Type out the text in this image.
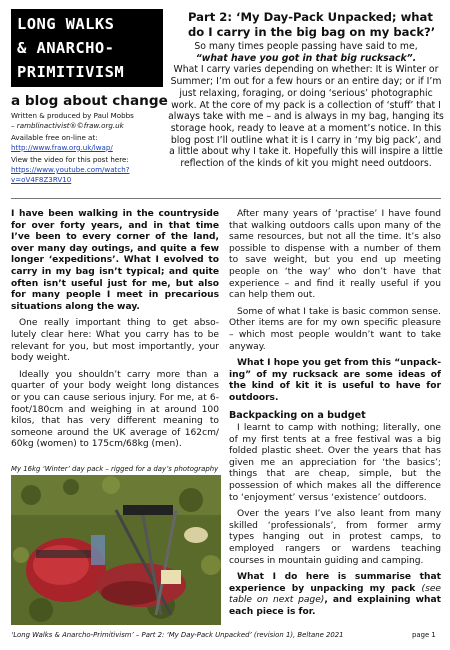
LONG WALKS
& ANARCHO-
PRIMITIVISM
a blog about change

Written & produced by Paul Mobbs

– ramblinactivist®©fraw.org.uk

Available free on-line at:

http://www.fraw.org.uk/lwap/

View the video for this post here:

https://www.youtube.com/watch?

v=oV4F8Z3RV10

Part 2: ‘My Day-Pack Unpacked; what do I carry in the big bag on my back?’

So many times people passing have said to me,

“what have you got in that big rucksack”.

What I carry varies depending on whether: It is Winter or Summer; I’m out for a few hours or an entire day; or if I’m just relaxing, foraging, or doing ‘serious’ photographic work. At the core of my pack is a collection of ‘stuff’ that I always take with me – and is always in my bag, hanging its storage hook, ready to leave at a moment’s notice. In this blog post I’ll outline what it is I carry in ‘my big pack’, and a little about why I take it. Hopefully this will inspire a little reflection of the kinds of kit you might need outdoors.

I have been walking in the countryside for over forty years, and in that time I’ve been to every corner of the land, over many day outings, and quite a few longer ‘expeditions’. What I evolved to carry in my bag isn’t typical; and quite often isn’t useful just for me, but also for many people I meet in precarious situations along the way.

One really important thing to get absolutely clear here: What you carry has to be relevant for you, but most importantly, your body weight.

Ideally you shouldn’t carry more than a quarter of your body weight long distances or you can cause serious injury. For me, at 6-foot/180cm and weighing in at around 100 kilos, that has very different meaning to someone around the UK average of 162cm/ 60kg (women) to 175cm/68kg (men).

My 16kg ‘Winter’ day pack – rigged for a day’s photography

After many years of ‘practise’ I have found that walking outdoors calls upon many of the same resources, but not all the time. It’s also possible to dispense with a number of them to save weight, but you end up meeting people on ‘the way’ who don’t have that experience – and find it really useful if you can help them out.

Some of what I take is basic common sense. Other items are for my own specific pleasure – which most people wouldn’t want to take anyway.

What I hope you get from this “unpacking” of my rucksack are some ideas of the kind of kit it is useful to have for outdoors.

Backpacking on a budget

I learnt to camp with nothing; literally, one of my first tents at a free festival was a big folded plastic sheet. Over the years that has given me an appreciation for ‘the basics’; things that are cheap, simple, but the possession of which makes all the difference to ‘enjoyment’ versus ‘existence’ outdoors.

Over the years I’ve also leant from many skilled ‘professionals’, from former army types hanging out in protest camps, to employed rangers or wardens teaching courses in mountain guiding and camping.

What I do here is summarise that experience by unpacking my pack (see table on next page), and explaining what each piece is for.

‘Long Walks & Anarcho-Primitivism’ – Part 2: ‘My Day-Pack Unpacked’ (revision 1), Beltane 2021	page 1
